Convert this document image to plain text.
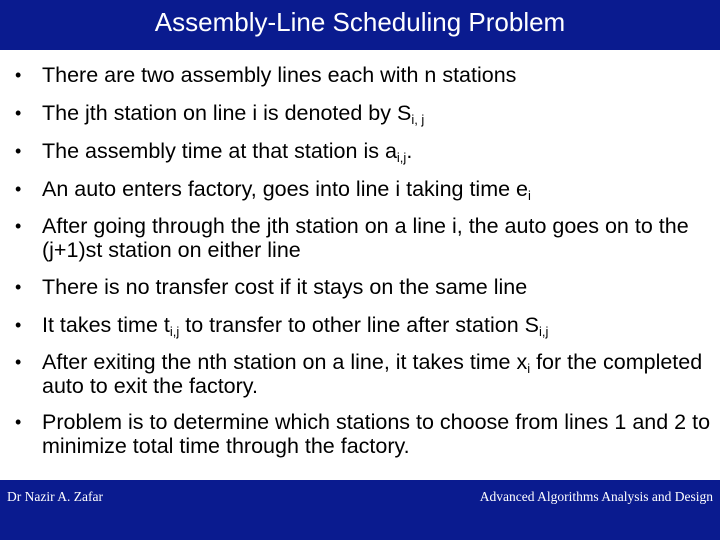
Assembly-Line Scheduling Problem
• There are two assembly lines each with n stations
• The jth station on line i is denoted by $S_{i, j}$
• The assembly time at that station is $a_{i,j}$.
• An auto enters factory, goes into line i taking time $e_i$
• After going through the jth station on a line i, the auto goes on to the (j+1)st station on either line
• There is no transfer cost if it stays on the same line
• It takes time $t_{i,j}$ to transfer to other line after station $S_{i,j}$
• After exiting the nth station on a line, it takes time $x_i$ for the completed auto to exit the factory.
• Problem is to determine which stations to choose from lines 1 and 2 to minimize total time through the factory.
Dr Nazir A. Zafar	Advanced Algorithms Analysis and Design
